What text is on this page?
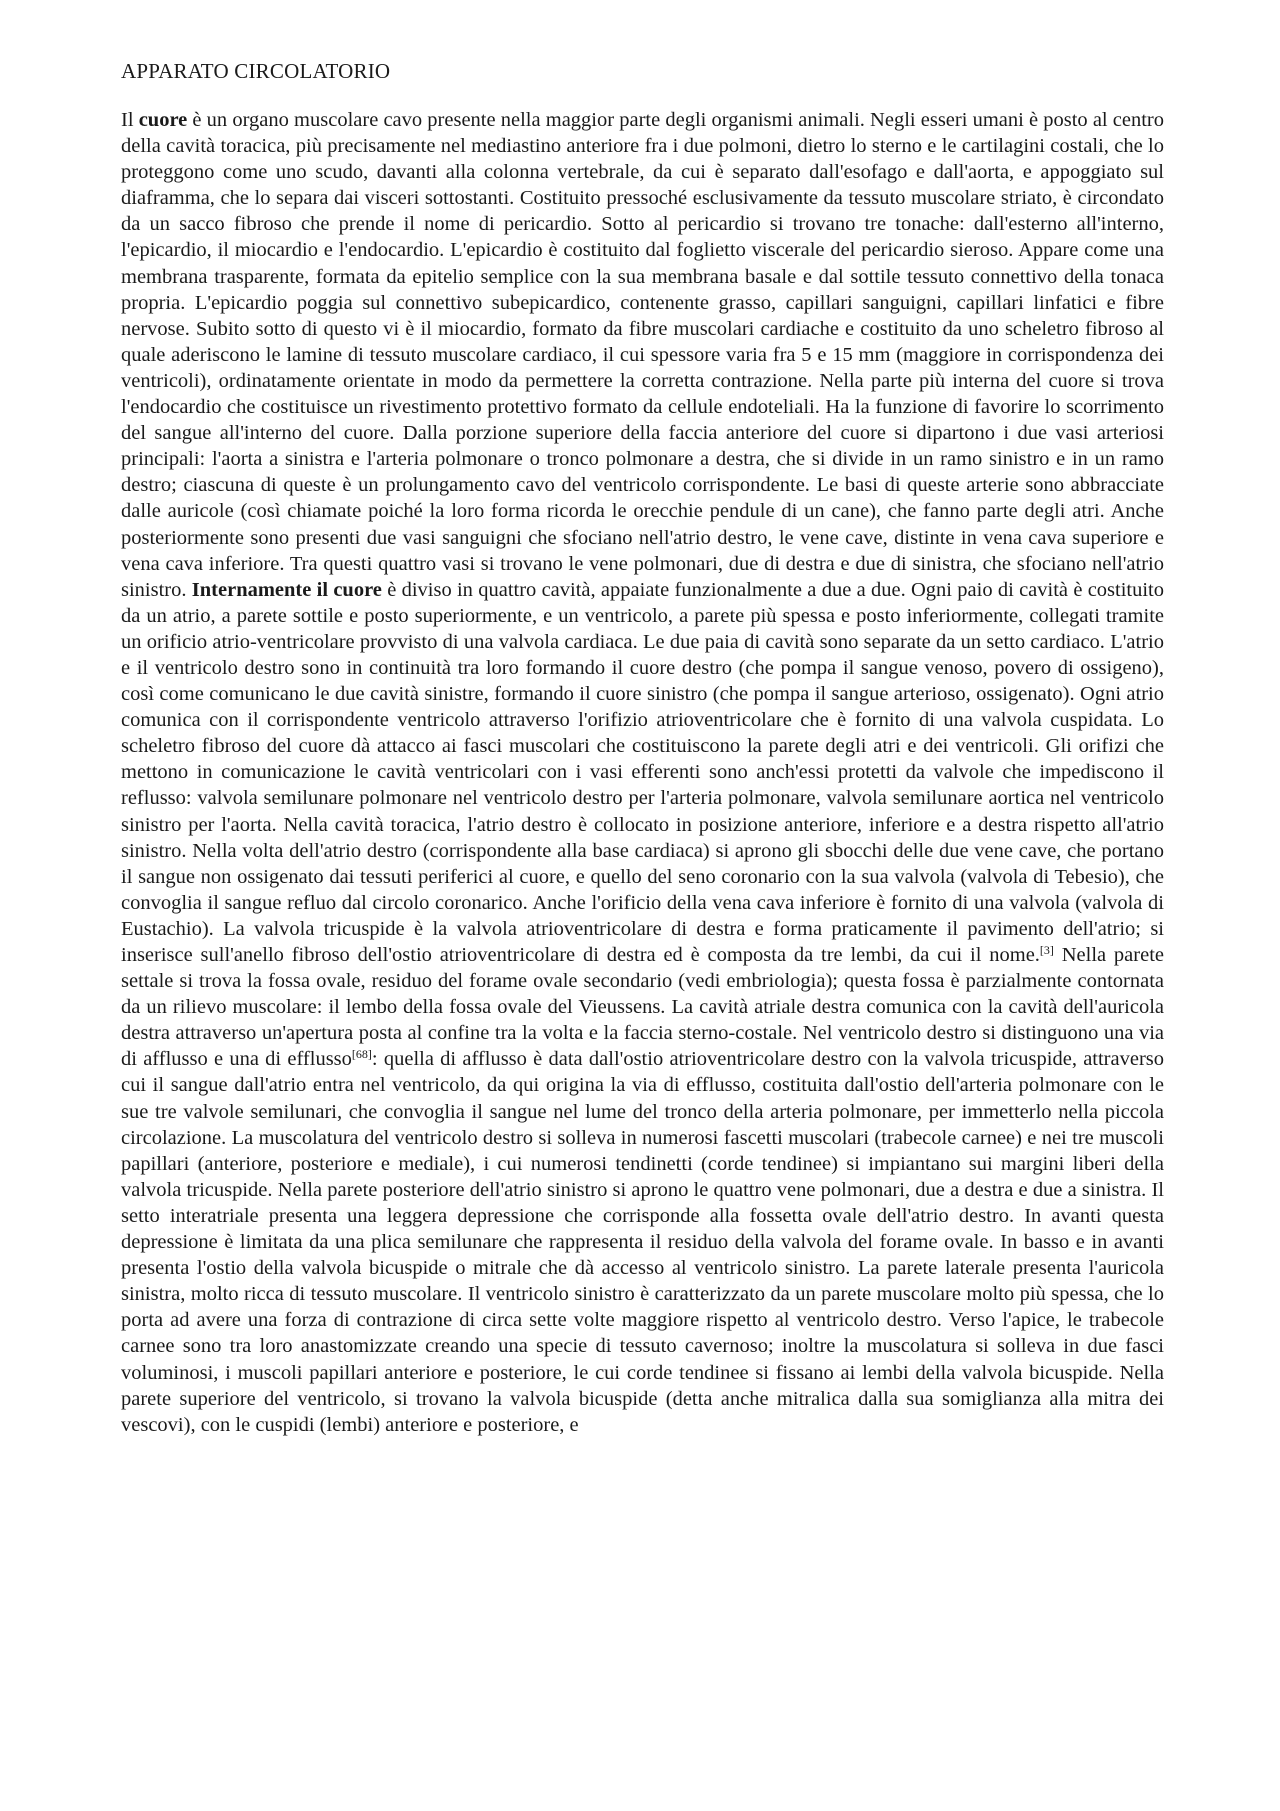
APPARATO CIRCOLATORIO

Il cuore è un organo muscolare cavo presente nella maggior parte degli organismi animali. Negli esseri umani è posto al centro della cavità toracica, più precisamente nel mediastino anteriore fra i due polmoni, dietro lo sterno e le cartilagini costali, che lo proteggono come uno scudo, davanti alla colonna vertebrale, da cui è separato dall'esofago e dall'aorta, e appoggiato sul diaframma, che lo separa dai visceri sottostanti. Costituito pressoché esclusivamente da tessuto muscolare striato, è circondato da un sacco fibroso che prende il nome di pericardio. Sotto al pericardio si trovano tre tonache: dall'esterno all'interno, l'epicardio, il miocardio e l'endocardio. L'epicardio è costituito dal foglietto viscerale del pericardio sieroso. Appare come una membrana trasparente, formata da epitelio semplice con la sua membrana basale e dal sottile tessuto connettivo della tonaca propria. L'epicardio poggia sul connettivo subepicardico, contenente grasso, capillari sanguigni, capillari linfatici e fibre nervose. Subito sotto di questo vi è il miocardio, formato da fibre muscolari cardiache e costituito da uno scheletro fibroso al quale aderiscono le lamine di tessuto muscolare cardiaco, il cui spessore varia fra 5 e 15 mm (maggiore in corrispondenza dei ventricoli), ordinatamente orientate in modo da permettere la corretta contrazione. Nella parte più interna del cuore si trova l'endocardio che costituisce un rivestimento protettivo formato da cellule endoteliali. Ha la funzione di favorire lo scorrimento del sangue all'interno del cuore. Dalla porzione superiore della faccia anteriore del cuore si dipartono i due vasi arteriosi principali: l'aorta a sinistra e l'arteria polmonare o tronco polmonare a destra, che si divide in un ramo sinistro e in un ramo destro; ciascuna di queste è un prolungamento cavo del ventricolo corrispondente. Le basi di queste arterie sono abbracciate dalle auricole (così chiamate poiché la loro forma ricorda le orecchie pendule di un cane), che fanno parte degli atri. Anche posteriormente sono presenti due vasi sanguigni che sfociano nell'atrio destro, le vene cave, distinte in vena cava superiore e vena cava inferiore. Tra questi quattro vasi si trovano le vene polmonari, due di destra e due di sinistra, che sfociano nell'atrio sinistro. Internamente il cuore è diviso in quattro cavità, appaiate funzionalmente a due a due. Ogni paio di cavità è costituito da un atrio, a parete sottile e posto superiormente, e un ventricolo, a parete più spessa e posto inferiormente, collegati tramite un orificio atrio-ventricolare provvisto di una valvola cardiaca. Le due paia di cavità sono separate da un setto cardiaco. L'atrio e il ventricolo destro sono in continuità tra loro formando il cuore destro (che pompa il sangue venoso, povero di ossigeno), così come comunicano le due cavità sinistre, formando il cuore sinistro (che pompa il sangue arterioso, ossigenato). Ogni atrio comunica con il corrispondente ventricolo attraverso l'orifizio atrioventricolare che è fornito di una valvola cuspidata. Lo scheletro fibroso del cuore dà attacco ai fasci muscolari che costituiscono la parete degli atri e dei ventricoli. Gli orifizi che mettono in comunicazione le cavità ventricolari con i vasi efferenti sono anch'essi protetti da valvole che impediscono il reflusso: valvola semilunare polmonare nel ventricolo destro per l'arteria polmonare, valvola semilunare aortica nel ventricolo sinistro per l'aorta. Nella cavità toracica, l'atrio destro è collocato in posizione anteriore, inferiore e a destra rispetto all'atrio sinistro. Nella volta dell'atrio destro (corrispondente alla base cardiaca) si aprono gli sbocchi delle due vene cave, che portano il sangue non ossigenato dai tessuti periferici al cuore, e quello del seno coronario con la sua valvola (valvola di Tebesio), che convoglia il sangue refluo dal circolo coronarico. Anche l'orificio della vena cava inferiore è fornito di una valvola (valvola di Eustachio). La valvola tricuspide è la valvola atrioventricolare di destra e forma praticamente il pavimento dell'atrio; si inserisce sull'anello fibroso dell'ostio atrioventricolare di destra ed è composta da tre lembi, da cui il nome.[3] Nella parete settale si trova la fossa ovale, residuo del forame ovale secondario (vedi embriologia); questa fossa è parzialmente contornata da un rilievo muscolare: il lembo della fossa ovale del Vieussens. La cavità atriale destra comunica con la cavità dell'auricola destra attraverso un'apertura posta al confine tra la volta e la faccia sterno-costale. Nel ventricolo destro si distinguono una via di afflusso e una di efflusso[68]: quella di afflusso è data dall'ostio atrioventricolare destro con la valvola tricuspide, attraverso cui il sangue dall'atrio entra nel ventricolo, da qui origina la via di efflusso, costituita dall'ostio dell'arteria polmonare con le sue tre valvole semilunari, che convoglia il sangue nel lume del tronco della arteria polmonare, per immetterlo nella piccola circolazione. La muscolatura del ventricolo destro si solleva in numerosi fascetti muscolari (trabecole carnee) e nei tre muscoli papillari (anteriore, posteriore e mediale), i cui numerosi tendinetti (corde tendinee) si impiantano sui margini liberi della valvola tricuspide. Nella parete posteriore dell'atrio sinistro si aprono le quattro vene polmonari, due a destra e due a sinistra. Il setto interatriale presenta una leggera depressione che corrisponde alla fossetta ovale dell'atrio destro. In avanti questa depressione è limitata da una plica semilunare che rappresenta il residuo della valvola del forame ovale. In basso e in avanti presenta l'ostio della valvola bicuspide o mitrale che dà accesso al ventricolo sinistro. La parete laterale presenta l'auricola sinistra, molto ricca di tessuto muscolare. Il ventricolo sinistro è caratterizzato da un parete muscolare molto più spessa, che lo porta ad avere una forza di contrazione di circa sette volte maggiore rispetto al ventricolo destro. Verso l'apice, le trabecole carnee sono tra loro anastomizzate creando una specie di tessuto cavernoso; inoltre la muscolatura si solleva in due fasci voluminosi, i muscoli papillari anteriore e posteriore, le cui corde tendinee si fissano ai lembi della valvola bicuspide. Nella parete superiore del ventricolo, si trovano la valvola bicuspide (detta anche mitralica dalla sua somiglianza alla mitra dei vescovi), con le cuspidi (lembi) anteriore e posteriore, e
